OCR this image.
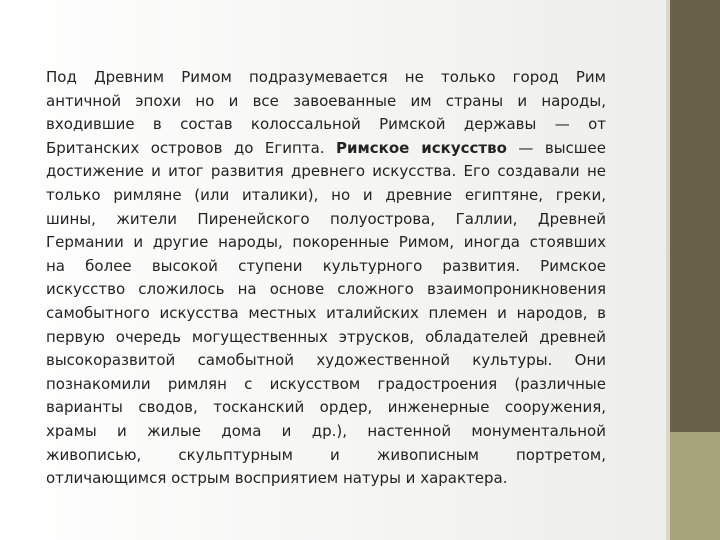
Под Древним Римом подразумевается не только город Рим
античной эпохи но и все завоеванные им страны и народы,
входившие в состав колоссальной Римской державы — от
Британских островов до Египта. Римское искусство — высшее
достижение и итог развития древнего искусства. Его создавали не
только римляне (или италики), но и древние египтяне, греки,
шины, жители Пиренейского полуострова, Галлии, Древней
Германии и другие народы, покоренные Римом, иногда стоявших
на более высокой ступени культурного развития. Римское
искусство сложилось на основе сложного взаимопроникновения
самобытного искусства местных италийских племен и народов, в
первую очередь могущественных этрусков, обладателей древней
высокоразвитой самобытной художественной культуры. Они
познакомили римлян с искусством градостроения (различные
варианты сводов, тосканский ордер, инженерные сооружения,
храмы и жилые дома и др.), настенной монументальной
живописью, скульптурным и живописным портретом,
отличающимся острым восприятием натуры и характера.
